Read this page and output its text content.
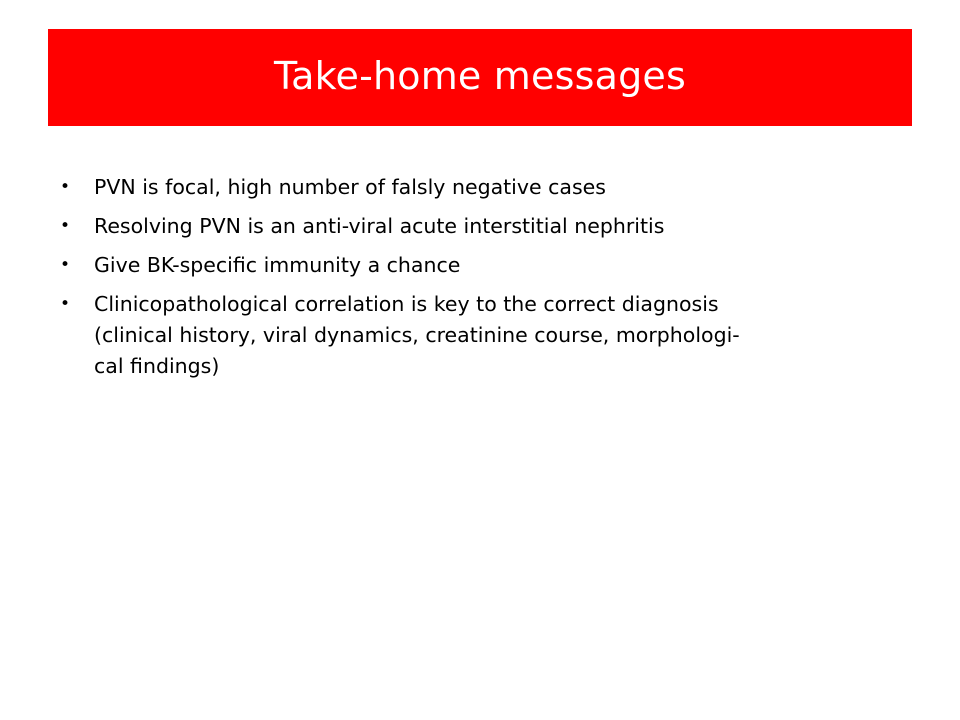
Take-home messages
•	PVN is focal, high number of falsly negative cases
•	Resolving PVN is an anti-viral acute interstitial nephritis
•	Give BK-specific immunity a chance
•	Clinicopathological correlation is key to the correct diagnosis
(clinical history, viral dynamics, creatinine course, morphologi-
cal findings)
